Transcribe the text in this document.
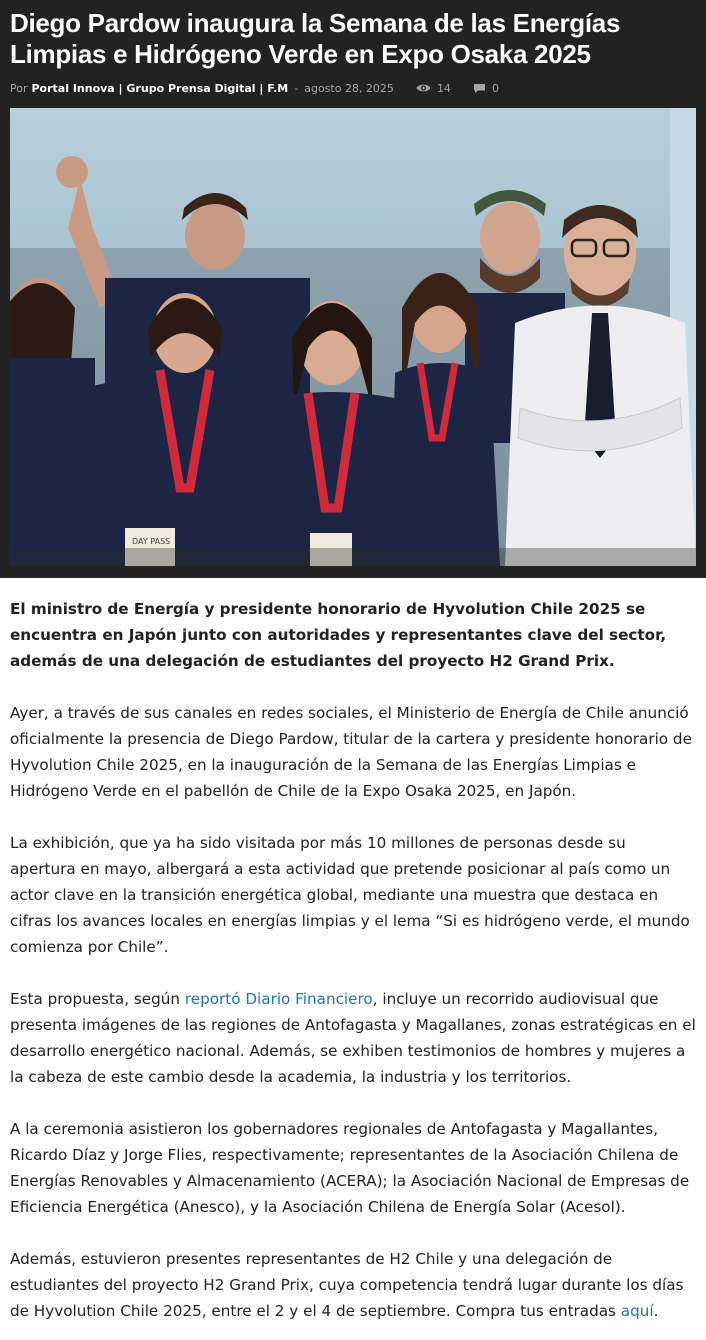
Diego Pardow inaugura la Semana de las Energías Limpias e Hidrógeno Verde en Expo Osaka 2025
Por Portal Innova | Grupo Prensa Digital | F.M - agosto 28, 2025	14	0
DAY PASS

El ministro de Energía y presidente honorario de Hyvolution Chile 2025 se encuentra en Japón junto con autoridades y representantes clave del sector, además de una delegación de estudiantes del proyecto H2 Grand Prix.

Ayer, a través de sus canales en redes sociales, el Ministerio de Energía de Chile anunció oficialmente la presencia de Diego Pardow, titular de la cartera y presidente honorario de Hyvolution Chile 2025, en la inauguración de la Semana de las Energías Limpias e Hidrógeno Verde en el pabellón de Chile de la Expo Osaka 2025, en Japón.

La exhibición, que ya ha sido visitada por más 10 millones de personas desde su apertura en mayo, albergará a esta actividad que pretende posicionar al país como un actor clave en la transición energética global, mediante una muestra que destaca en cifras los avances locales en energías limpias y el lema “Si es hidrógeno verde, el mundo comienza por Chile”.

Esta propuesta, según reportó Diario Financiero, incluye un recorrido audiovisual que presenta imágenes de las regiones de Antofagasta y Magallanes, zonas estratégicas en el desarrollo energético nacional. Además, se exhiben testimonios de hombres y mujeres a la cabeza de este cambio desde la academia, la industria y los territorios.

A la ceremonia asistieron los gobernadores regionales de Antofagasta y Magallantes, Ricardo Díaz y Jorge Flies, respectivamente; representantes de la Asociación Chilena de Energías Renovables y Almacenamiento (ACERA); la Asociación Nacional de Empresas de Eficiencia Energética (Anesco), y la Asociación Chilena de Energía Solar (Acesol).

Además, estuvieron presentes representantes de H2 Chile y una delegación de estudiantes del proyecto H2 Grand Prix, cuya competencia tendrá lugar durante los días de Hyvolution Chile 2025, entre el 2 y el 4 de septiembre. Compra tus entradas aquí.
